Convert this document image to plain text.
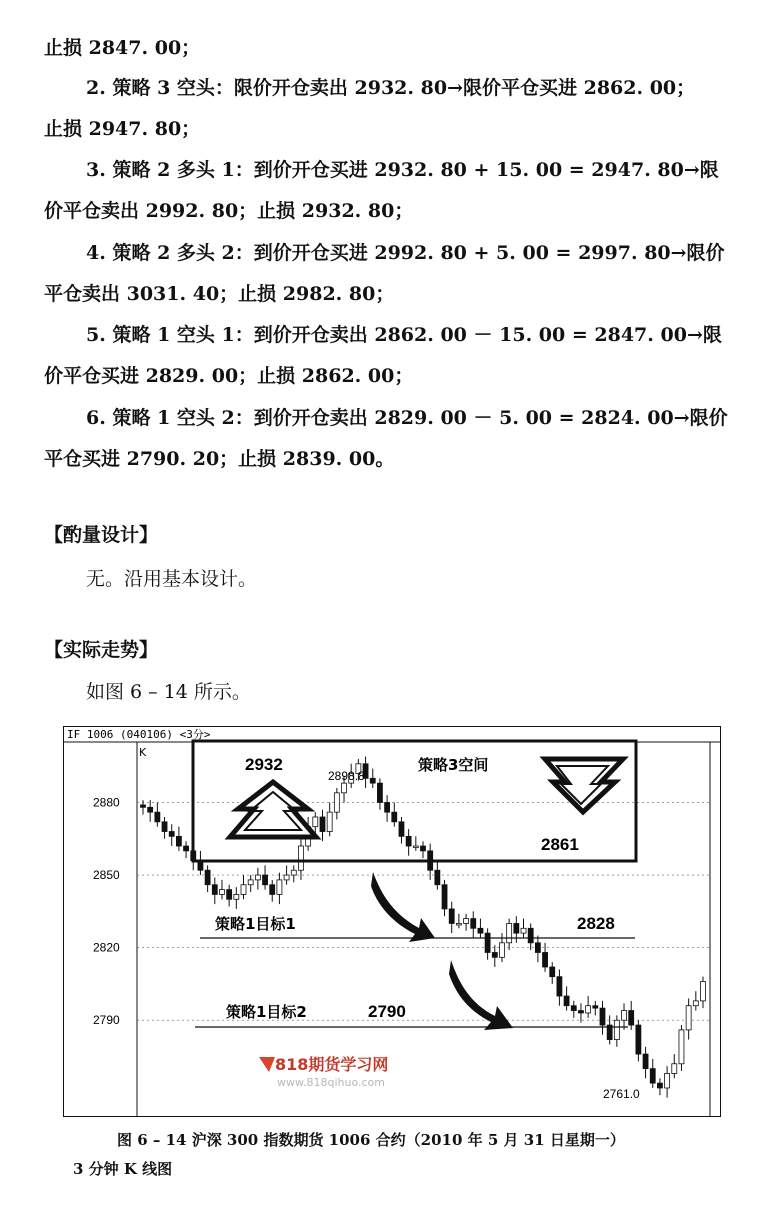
止损 2847. 00；
2. 策略 3 空头：限价开仓卖出 2932. 80→限价平仓买进 2862. 00；
止损 2947. 80；
3. 策略 2 多头 1：到价开仓买进 2932. 80 + 15. 00 = 2947. 80→限
价平仓卖出 2992. 80；止损 2932. 80；
4. 策略 2 多头 2：到价开仓买进 2992. 80 + 5. 00 = 2997. 80→限价
平仓卖出 3031. 40；止损 2982. 80；
5. 策略 1 空头 1：到价开仓卖出 2862. 00 － 15. 00 = 2847. 00→限
价平仓买进 2829. 00；止损 2862. 00；
6. 策略 1 空头 2：到价开仓卖出 2829. 00 － 5. 00 = 2824. 00→限价
平仓买进 2790. 20；止损 2839. 00。
【酌量设计】
无。沿用基本设计。
【实际走势】
如图 6 – 14 所示。
IF 1006 (040106) <3分>
K
2880
2850
2820
2790
2932
2898.8
策略3空间
2861
策略1目标1	2828
策略1目标2	2790
2761.0
818期货学习网
www.818qihuo.com
图 6 – 14 沪深 300 指数期货 1006 合约（2010 年 5 月 31 日星期一）
3 分钟 K 线图
